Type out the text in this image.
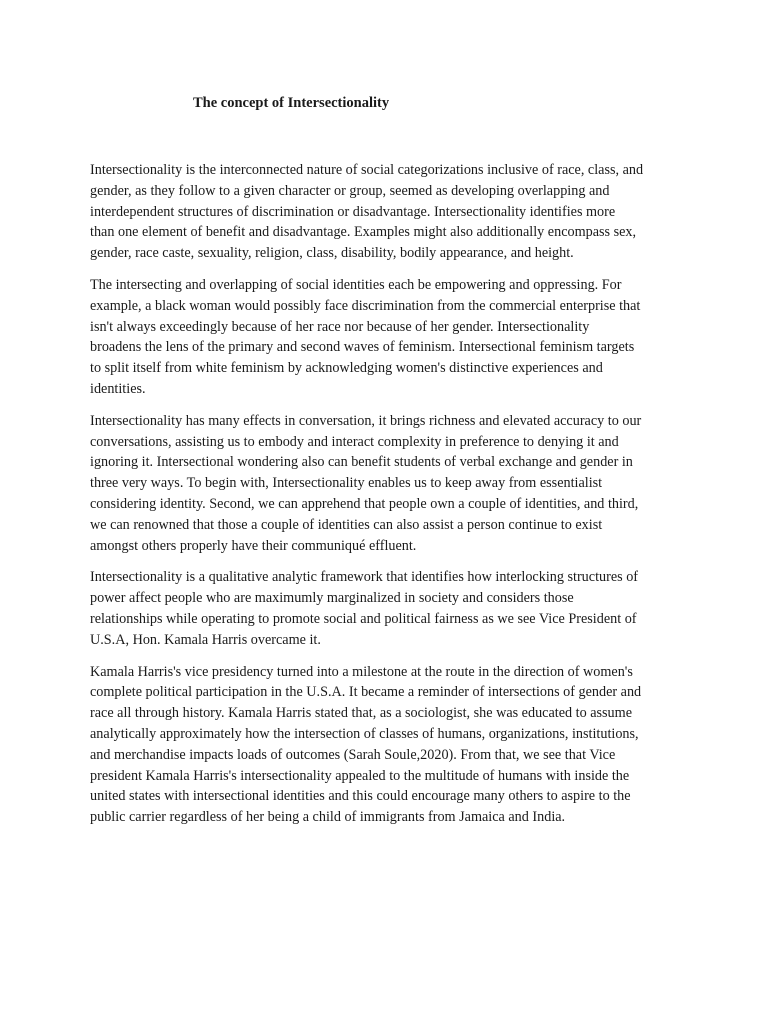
The concept of Intersectionality

Intersectionality is the interconnected nature of social categorizations inclusive of race, class, and
gender, as they follow to a given character or group, seemed as developing overlapping and
interdependent structures of discrimination or disadvantage. Intersectionality identifies more
than one element of benefit and disadvantage. Examples might also additionally encompass sex,
gender, race caste, sexuality, religion, class, disability, bodily appearance, and height.

The intersecting and overlapping of social identities each be empowering and oppressing. For
example, a black woman would possibly face discrimination from the commercial enterprise that
isn't always exceedingly because of her race nor because of her gender. Intersectionality
broadens the lens of the primary and second waves of feminism. Intersectional feminism targets
to split itself from white feminism by acknowledging women's distinctive experiences and
identities.

Intersectionality has many effects in conversation, it brings richness and elevated accuracy to our
conversations, assisting us to embody and interact complexity in preference to denying it and
ignoring it. Intersectional wondering also can benefit students of verbal exchange and gender in
three very ways. To begin with, Intersectionality enables us to keep away from essentialist
considering identity. Second, we can apprehend that people own a couple of identities, and third,
we can renowned that those a couple of identities can also assist a person continue to exist
amongst others properly have their communiqué effluent.

Intersectionality is a qualitative analytic framework that identifies how interlocking structures of
power affect people who are maximumly marginalized in society and considers those
relationships while operating to promote social and political fairness as we see Vice President of
U.S.A, Hon. Kamala Harris overcame it.

Kamala Harris's vice presidency turned into a milestone at the route in the direction of women's
complete political participation in the U.S.A. It became a reminder of intersections of gender and
race all through history. Kamala Harris stated that, as a sociologist, she was educated to assume
analytically approximately how the intersection of classes of humans, organizations, institutions,
and merchandise impacts loads of outcomes (Sarah Soule,2020). From that, we see that Vice
president Kamala Harris's intersectionality appealed to the multitude of humans with inside the
united states with intersectional identities and this could encourage many others to aspire to the
public carrier regardless of her being a child of immigrants from Jamaica and India.
